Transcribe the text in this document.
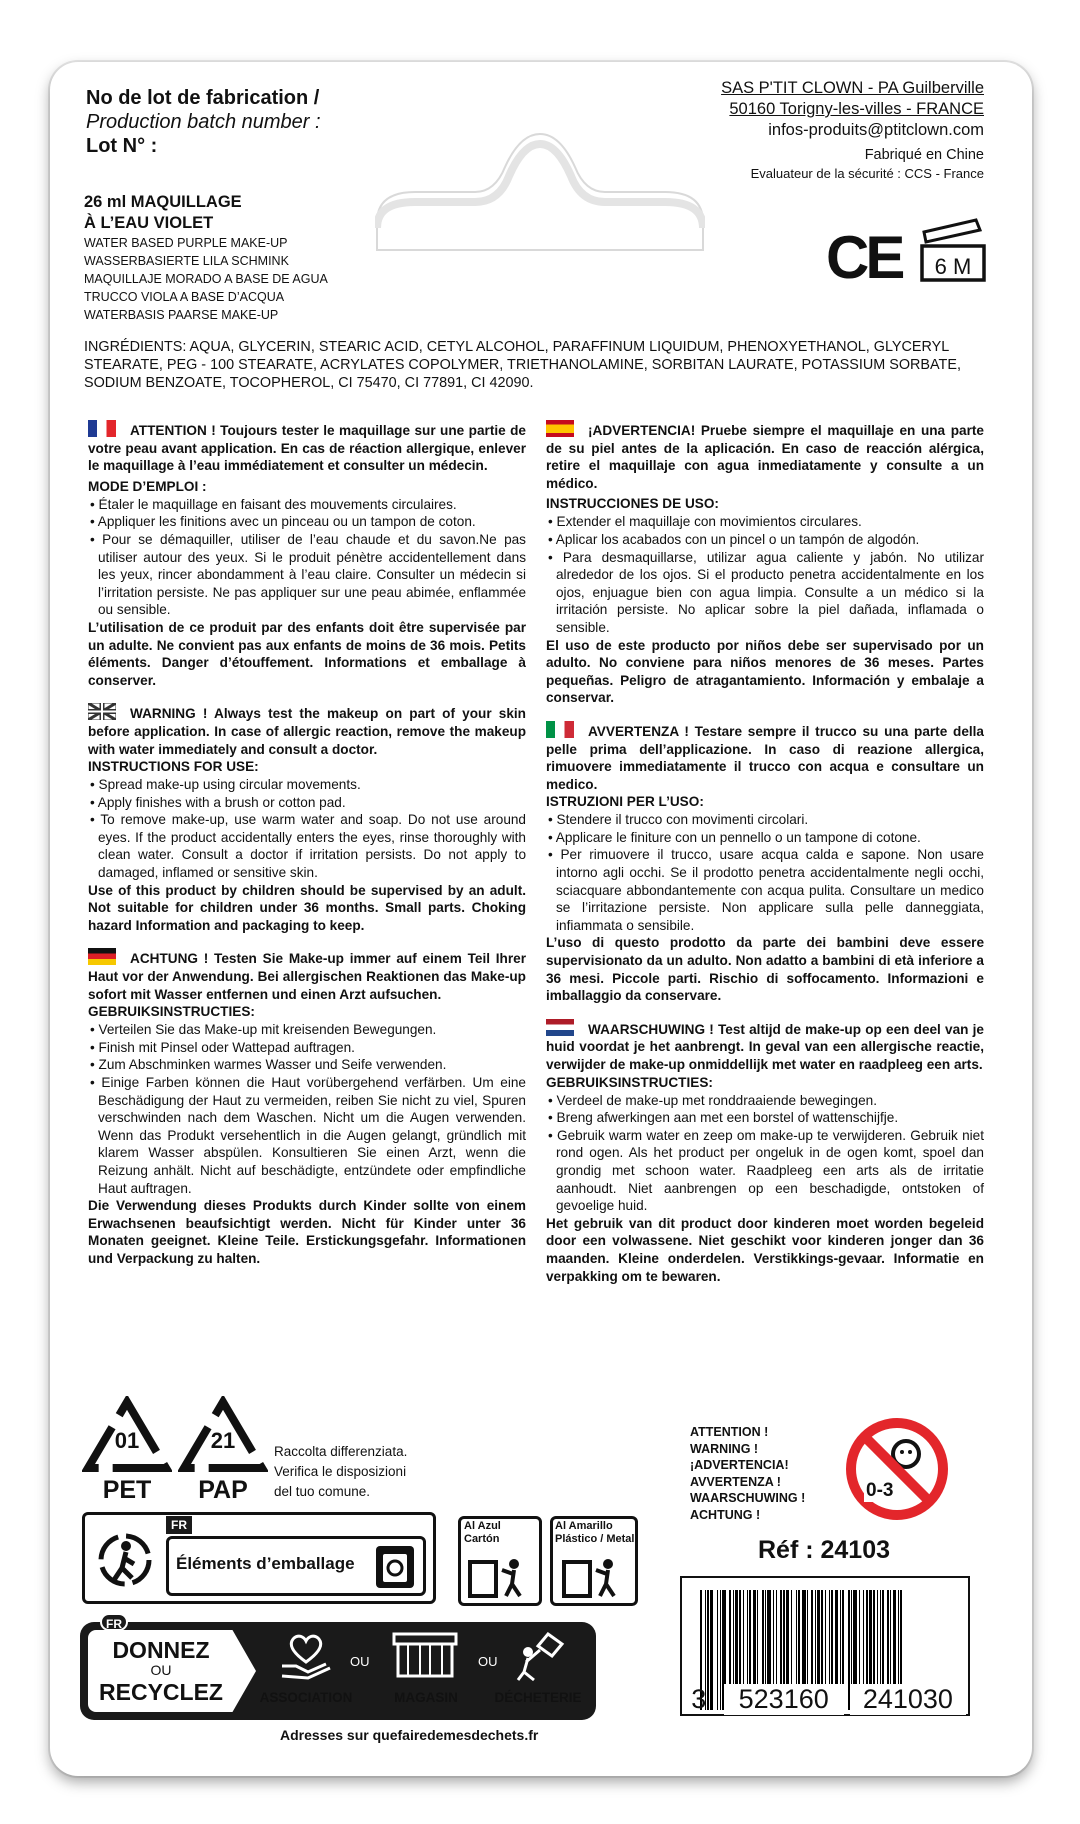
No de lot de fabrication /
Production batch number :
Lot N° :
SAS P'TIT CLOWN - PA Guilberville
50160 Torigny-les-villes - FRANCE
infos-produits@ptitclown.com
Fabriqué en Chine
Evaluateur de la sécurité : CCS - France
26 ml MAQUILLAGE
À L’EAU VIOLET
WATER BASED PURPLE MAKE-UP
WASSERBASIERTE LILA SCHMINK
MAQUILLAJE MORADO A BASE DE AGUA
TRUCCO VIOLA A BASE D’ACQUA
WATERBASIS PAARSE MAKE-UP
CE	6 M
INGRÉDIENTS: AQUA, GLYCERIN, STEARIC ACID, CETYL ALCOHOL, PARAFFINUM LIQUIDUM, PHENOXYETHANOL, GLYCERYL STEARATE, PEG - 100 STEARATE, ACRYLATES COPOLYMER, TRIETHANOLAMINE, SORBITAN LAURATE, POTASSIUM SORBATE, SODIUM BENZOATE, TOCOPHEROL, CI 75470, CI 77891, CI 42090.

ATTENTION ! Toujours tester le maquillage sur une partie de votre peau avant application. En cas de réaction allergique, enlever le maquillage à l’eau immédiatement et consulter un médecin.

MODE D’EMPLOI :
• Étaler le maquillage en faisant des mouvements circulaires.
• Appliquer les finitions avec un pinceau ou un tampon de coton.
• Pour se démaquiller, utiliser de l’eau chaude et du savon.Ne pas utiliser autour des yeux. Si le produit pénètre accidentellement dans les yeux, rincer abondamment à l’eau claire. Consulter un médecin si l’irritation persiste. Ne pas appliquer sur une peau abimée, enflammée ou sensible.

L’utilisation de ce produit par des enfants doit être supervisée par un adulte. Ne convient pas aux enfants de moins de 36 mois. Petits éléments. Danger d’étouffement. Informations et emballage à conserver.

WARNING ! Always test the makeup on part of your skin before application. In case of allergic reaction, remove the makeup with water immediately and consult a doctor.

INSTRUCTIONS FOR USE:
• Spread make-up using circular movements.
• Apply finishes with a brush or cotton pad.
• To remove make-up, use warm water and soap. Do not use around eyes. If the product accidentally enters the eyes, rinse thoroughly with clean water. Consult a doctor if irritation persists. Do not apply to damaged, inflamed or sensitive skin.

Use of this product by children should be supervised by an adult. Not suitable for children under 36 months. Small parts. Choking hazard Information and packaging to keep.

ACHTUNG ! Testen Sie Make-up immer auf einem Teil Ihrer Haut vor der Anwendung. Bei allergischen Reaktionen das Make-up sofort mit Wasser entfernen und einen Arzt aufsuchen.

GEBRUIKSINSTRUCTIES:
• Verteilen Sie das Make-up mit kreisenden Bewegungen.
• Finish mit Pinsel oder Wattepad auftragen.
• Zum Abschminken warmes Wasser und Seife verwenden.
• Einige Farben können die Haut vorübergehend verfärben. Um eine Beschädigung der Haut zu vermeiden, reiben Sie nicht zu viel, Spuren verschwinden nach dem Waschen. Nicht um die Augen verwenden. Wenn das Produkt versehentlich in die Augen gelangt, gründlich mit klarem Wasser abspülen. Konsultieren Sie einen Arzt, wenn die Reizung anhält. Nicht auf beschädigte, entzündete oder empfindliche Haut auftragen.

Die Verwendung dieses Produkts durch Kinder sollte von einem Erwachsenen beaufsichtigt werden. Nicht für Kinder unter 36 Monaten geeignet. Kleine Teile. Erstickungsgefahr. Informationen und Verpackung zu halten.

¡ADVERTENCIA! Pruebe siempre el maquillaje en una parte de su piel antes de la aplicación. En caso de reacción alérgica, retire el maquillaje con agua inmediatamente y consulte a un médico.

INSTRUCCIONES DE USO:
• Extender el maquillaje con movimientos circulares.
• Aplicar los acabados con un pincel o un tampón de algodón.
• Para desmaquillarse, utilizar agua caliente y jabón. No utilizar alrededor de los ojos. Si el producto penetra accidentalmente en los ojos, enjuague bien con agua limpia. Consulte a un médico si la irritación persiste. No aplicar sobre la piel dañada, inflamada o sensible.

El uso de este producto por niños debe ser supervisado por un adulto. No conviene para niños menores de 36 meses. Partes pequeñas. Peligro de atragantamiento. Información y embalaje a conservar.

AVVERTENZA ! Testare sempre il trucco su una parte della pelle prima dell’applicazione. In caso di reazione allergica, rimuovere immediatamente il trucco con acqua e consultare un medico.

ISTRUZIONI PER L’USO:
• Stendere il trucco con movimenti circolari.
• Applicare le finiture con un pennello o un tampone di cotone.
• Per rimuovere il trucco, usare acqua calda e sapone. Non usare intorno agli occhi. Se il prodotto penetra accidentalmente negli occhi, sciacquare abbondantemente con acqua pulita. Consultare un medico se l’irritazione persiste. Non applicare sulla pelle danneggiata, infiammata o sensibile.

L’uso di questo prodotto da parte dei bambini deve essere supervisionato da un adulto. Non adatto a bambini di età inferiore a 36 mesi. Piccole parti. Rischio di soffocamento. Informazioni e imballaggio da conservare.

WAARSCHUWING ! Test altijd de make-up op een deel van je huid voordat je het aanbrengt. In geval van een allergische reactie, verwijder de make-up onmiddellijk met water en raadpleeg een arts.

GEBRUIKSINSTRUCTIES:
• Verdeel de make-up met ronddraaiende bewegingen.
• Breng afwerkingen aan met een borstel of wattenschijfje.
• Gebruik warm water en zeep om make-up te verwijderen. Gebruik niet rond ogen. Als het product per ongeluk in de ogen komt, spoel dan grondig met schoon water. Raadpleeg een arts als de irritatie aanhoudt. Niet aanbrengen op een beschadigde, ontstoken of gevoelige huid.

Het gebruik van dit product door kinderen moet worden begeleid door een volwassene. Niet geschikt voor kinderen jonger dan 36 maanden. Kleine onderdelen. Verstikkings-gevaar. Informatie en verpakking om te bewaren.

01
PET
21
PAP
Raccolta differenziata.
Verifica le disposizioni
del tuo comune.
FR
Éléments d’emballage
Al Azul
Cartón
Al Amarillo
Plástico / Metal
FR
DONNEZ
OU
RECYCLEZ	ASSOCIATION
OU
MAGASIN
OU
DÉCHETERIE
Adresses sur quefairedemesdechets.fr
ATTENTION !
WARNING !
¡ADVERTENCIA!
AVVERTENZA !
WAARSCHUWING !
ACHTUNG !
0-3
Réf : 24103
3	523160	241030
